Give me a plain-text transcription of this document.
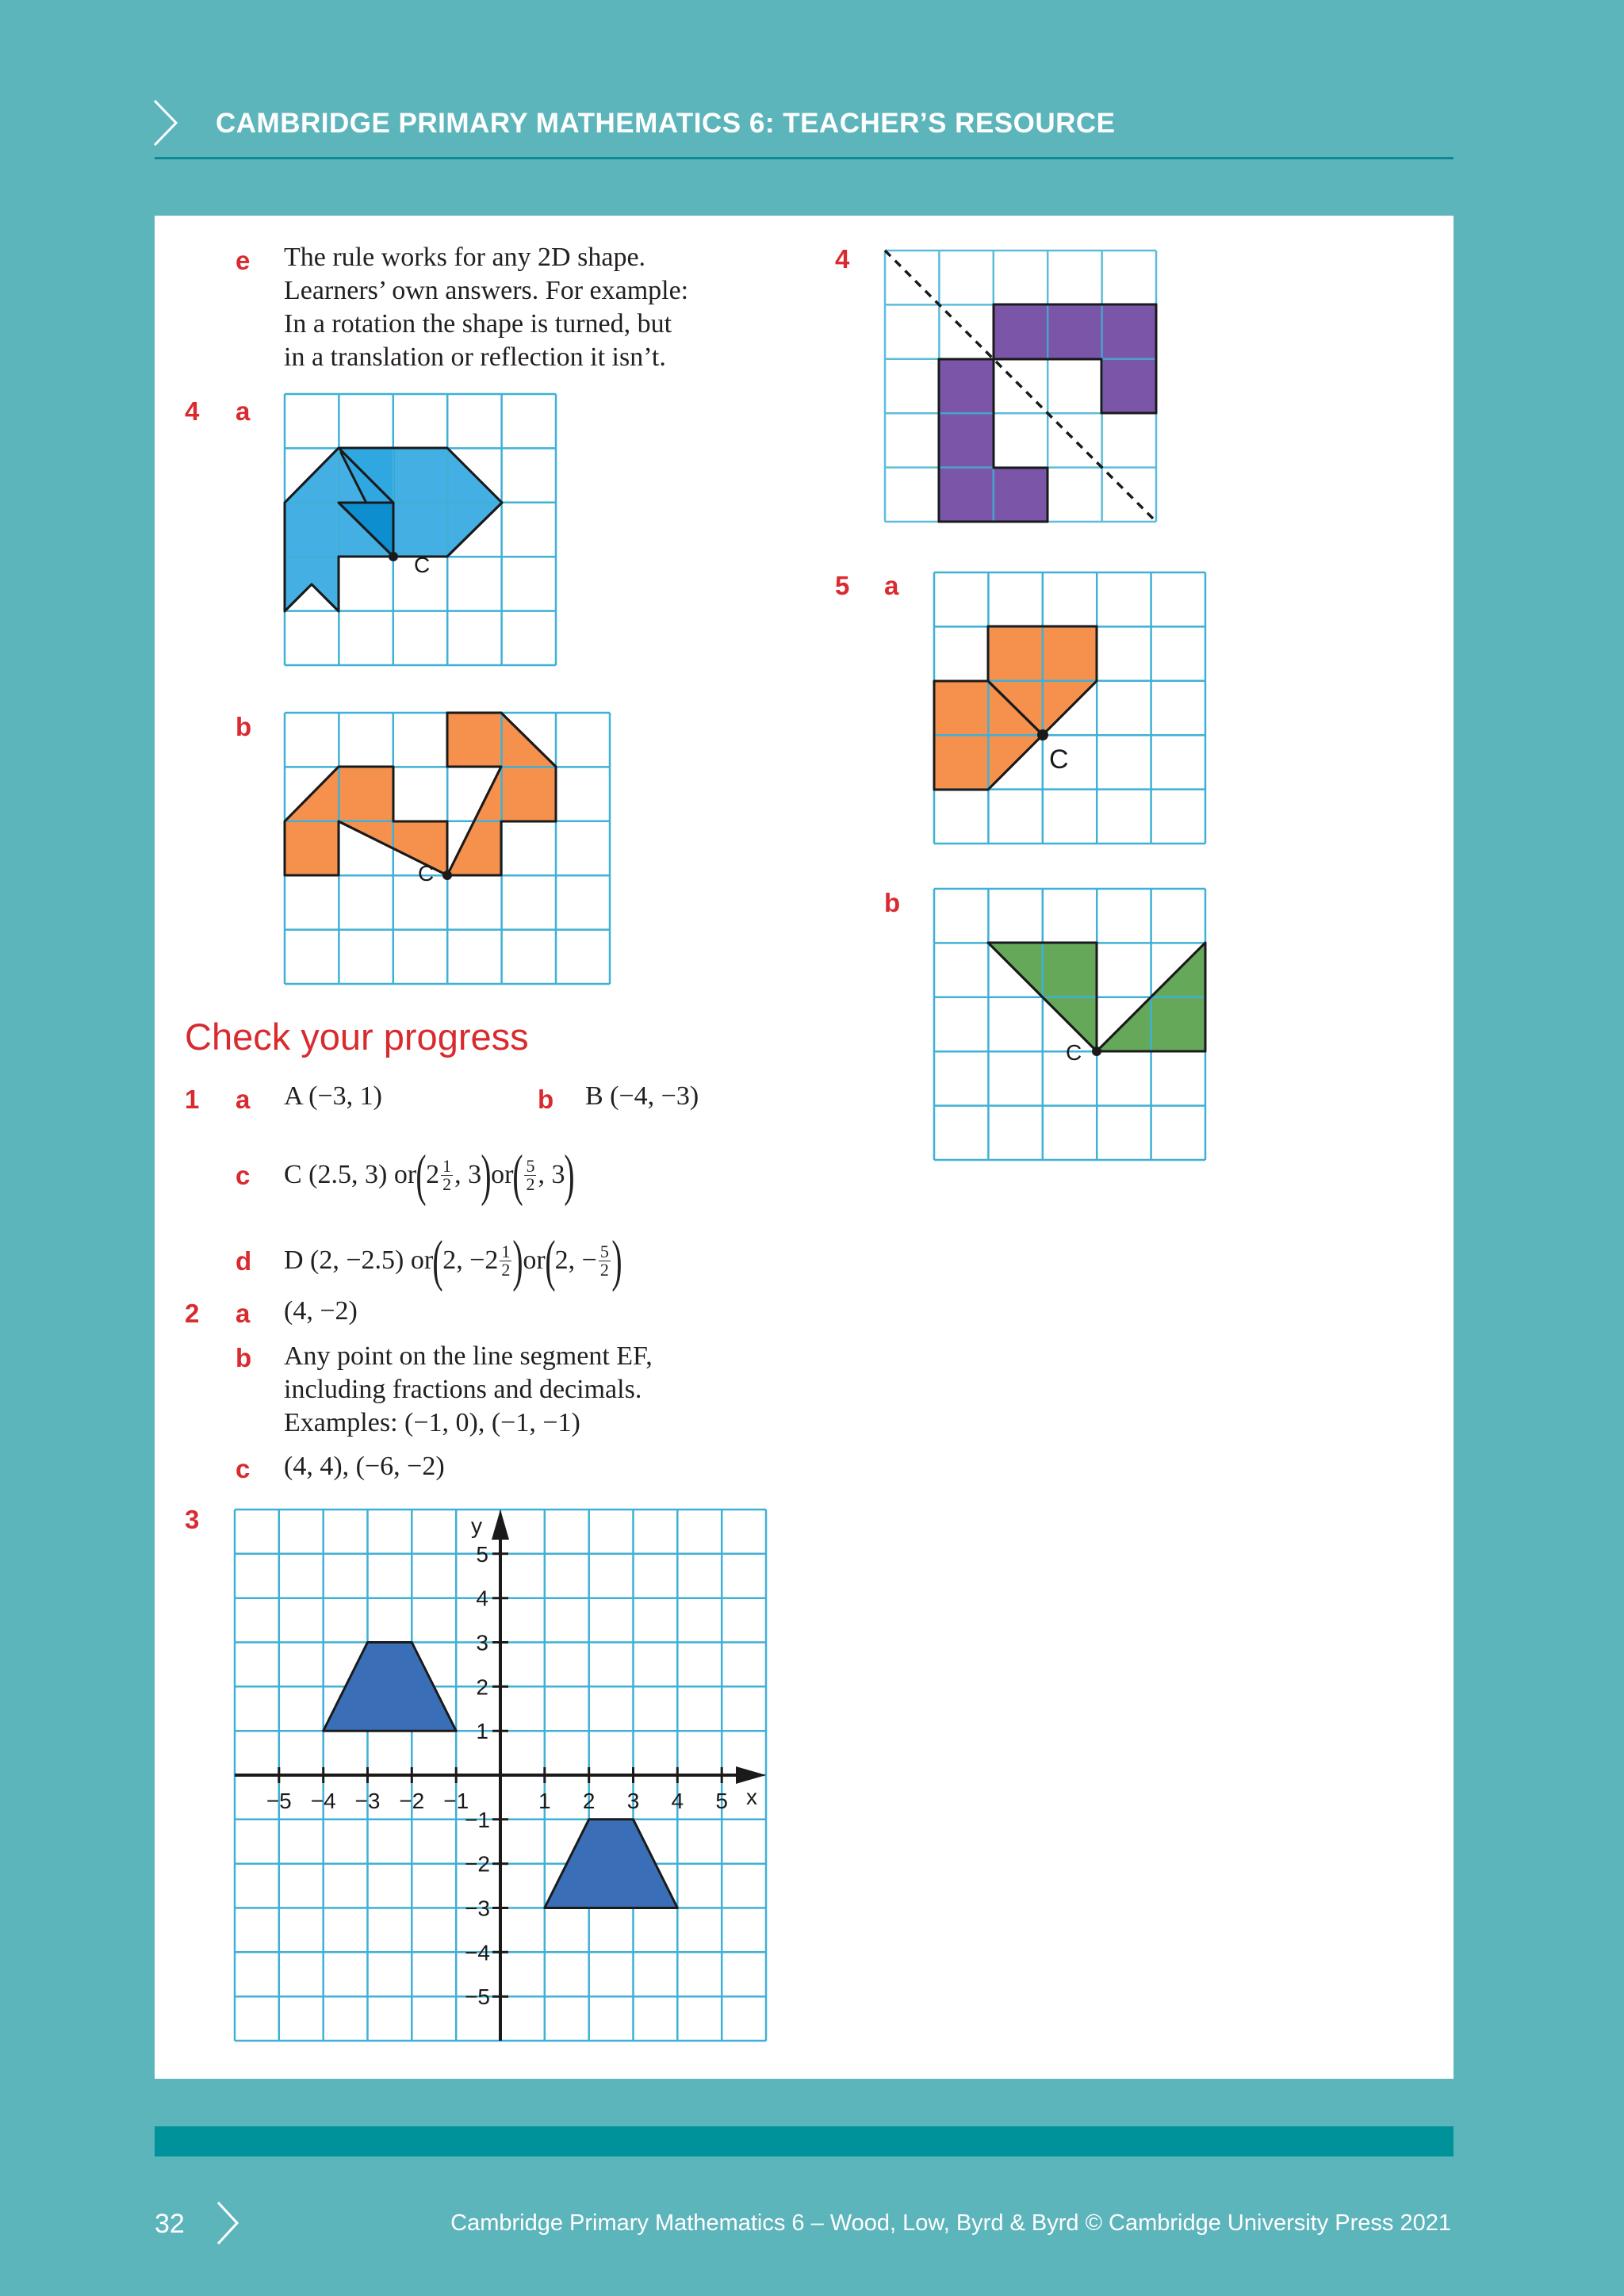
CAMBRIDGE PRIMARY MATHEMATICS 6: TEACHER’S RESOURCE
e The rule works for any 2D shape.
Learners’ own answers. For example:
In a rotation the shape is turned, but
in a translation or reflection it isn’t.
4 a
C
b
C
4
5 a
C
b
C
Check your progress
1 a A (−3, 1)	b B (−4, −3)
c C (2.5, 3) or ( $2 \frac{1}{2}$ , 3 ) or ( $\frac{5}{2}$ , 3 )
d D (2, −2.5) or ( 2, $-2 \frac{1}{2}$ ) or ( 2, − $\frac{5}{2}$ )
2 a (4, −2)
b Any point on the line segment EF,
including fractions and decimals.
Examples: (−1, 0), (−1, −1)
c (4, 4), (−6, −2)
3
−5 −4 −3 −2 −1	1 2 3 4 5
5
4
3
2
1
−1
−2
−3
−4
−5
x
y
32	Cambridge Primary Mathematics 6 – Wood, Low, Byrd & Byrd © Cambridge University Press 2021
